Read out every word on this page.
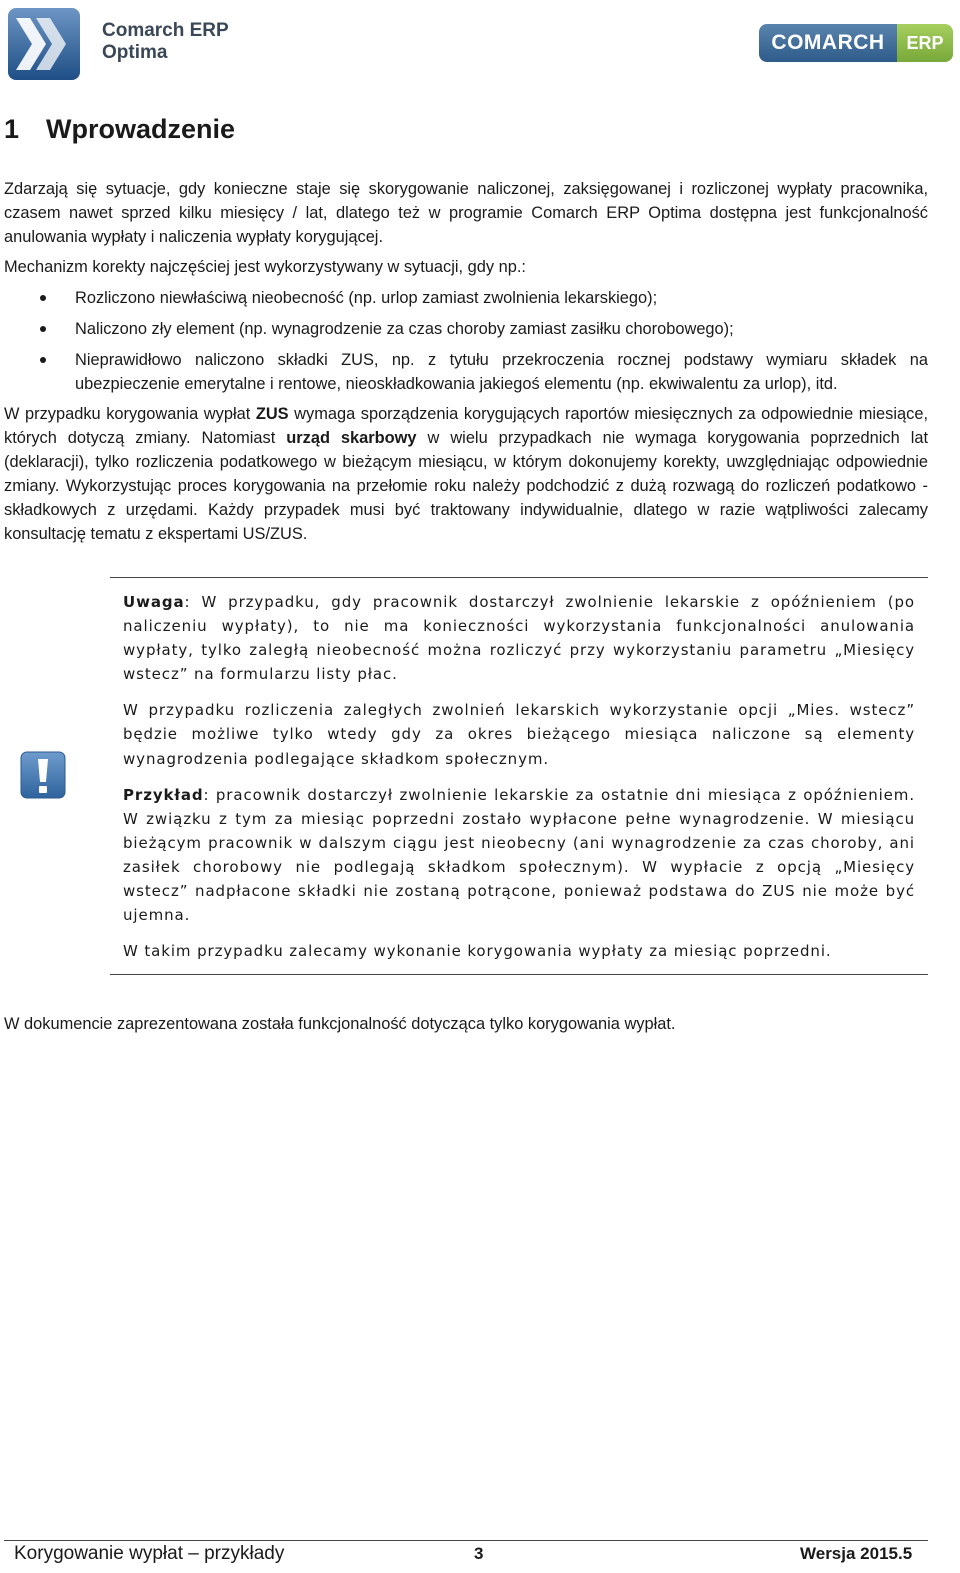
Comarch ERP
Optima	COMARCH	ERP
1 Wprowadzenie
Zdarzają się sytuacje, gdy konieczne staje się skorygowanie naliczonej, zaksięgowanej i rozliczonej wypłaty pracownika, czasem nawet sprzed kilku miesięcy / lat, dlatego też w programie Comarch ERP Optima dostępna jest funkcjonalność anulowania wypłaty i naliczenia wypłaty korygującej.
Mechanizm korekty najczęściej jest wykorzystywany w sytuacji, gdy np.:
Rozliczono niewłaściwą nieobecność (np. urlop zamiast zwolnienia lekarskiego);
Naliczono zły element (np. wynagrodzenie za czas choroby zamiast zasiłku chorobowego);
Nieprawidłowo naliczono składki ZUS, np. z tytułu przekroczenia rocznej podstawy wymiaru składek na ubezpieczenie emerytalne i rentowe, nieoskładkowania jakiegoś elementu (np. ekwiwalentu za urlop), itd.
W przypadku korygowania wypłat ZUS wymaga sporządzenia korygujących raportów miesięcznych za odpowiednie miesiące, których dotyczą zmiany. Natomiast urząd skarbowy w wielu przypadkach nie wymaga korygowania poprzednich lat (deklaracji), tylko rozliczenia podatkowego w bieżącym miesiącu, w którym dokonujemy korekty, uwzględniając odpowiednie zmiany. Wykorzystując proces korygowania na przełomie roku należy podchodzić z dużą rozwagą do rozliczeń podatkowo - składkowych z urzędami. Każdy przypadek musi być traktowany indywidualnie, dlatego w razie wątpliwości zalecamy konsultację tematu z ekspertami US/ZUS.

Uwaga: W przypadku, gdy pracownik dostarczył zwolnienie lekarskie z opóźnieniem (po naliczeniu wypłaty), to nie ma konieczności wykorzystania funkcjonalności anulowania wypłaty, tylko zaległą nieobecność można rozliczyć przy wykorzystaniu parametru „Miesięcy wstecz” na formularzu listy płac.

W przypadku rozliczenia zaległych zwolnień lekarskich wykorzystanie opcji „Mies. wstecz” będzie możliwe tylko wtedy gdy za okres bieżącego miesiąca naliczone są elementy wynagrodzenia podlegające składkom społecznym.

Przykład: pracownik dostarczył zwolnienie lekarskie za ostatnie dni miesiąca z opóźnieniem. W związku z tym za miesiąc poprzedni zostało wypłacone pełne wynagrodzenie. W miesiącu bieżącym pracownik w dalszym ciągu jest nieobecny (ani wynagrodzenie za czas choroby, ani zasiłek chorobowy nie podlegają składkom społecznym). W wypłacie z opcją „Miesięcy wstecz” nadpłacone składki nie zostaną potrącone, ponieważ podstawa do ZUS nie może być ujemna.

W takim przypadku zalecamy wykonanie korygowania wypłaty za miesiąc poprzedni.

W dokumencie zaprezentowana została funkcjonalność dotycząca tylko korygowania wypłat.
Korygowanie wypłat – przykłady	3	Wersja 2015.5
